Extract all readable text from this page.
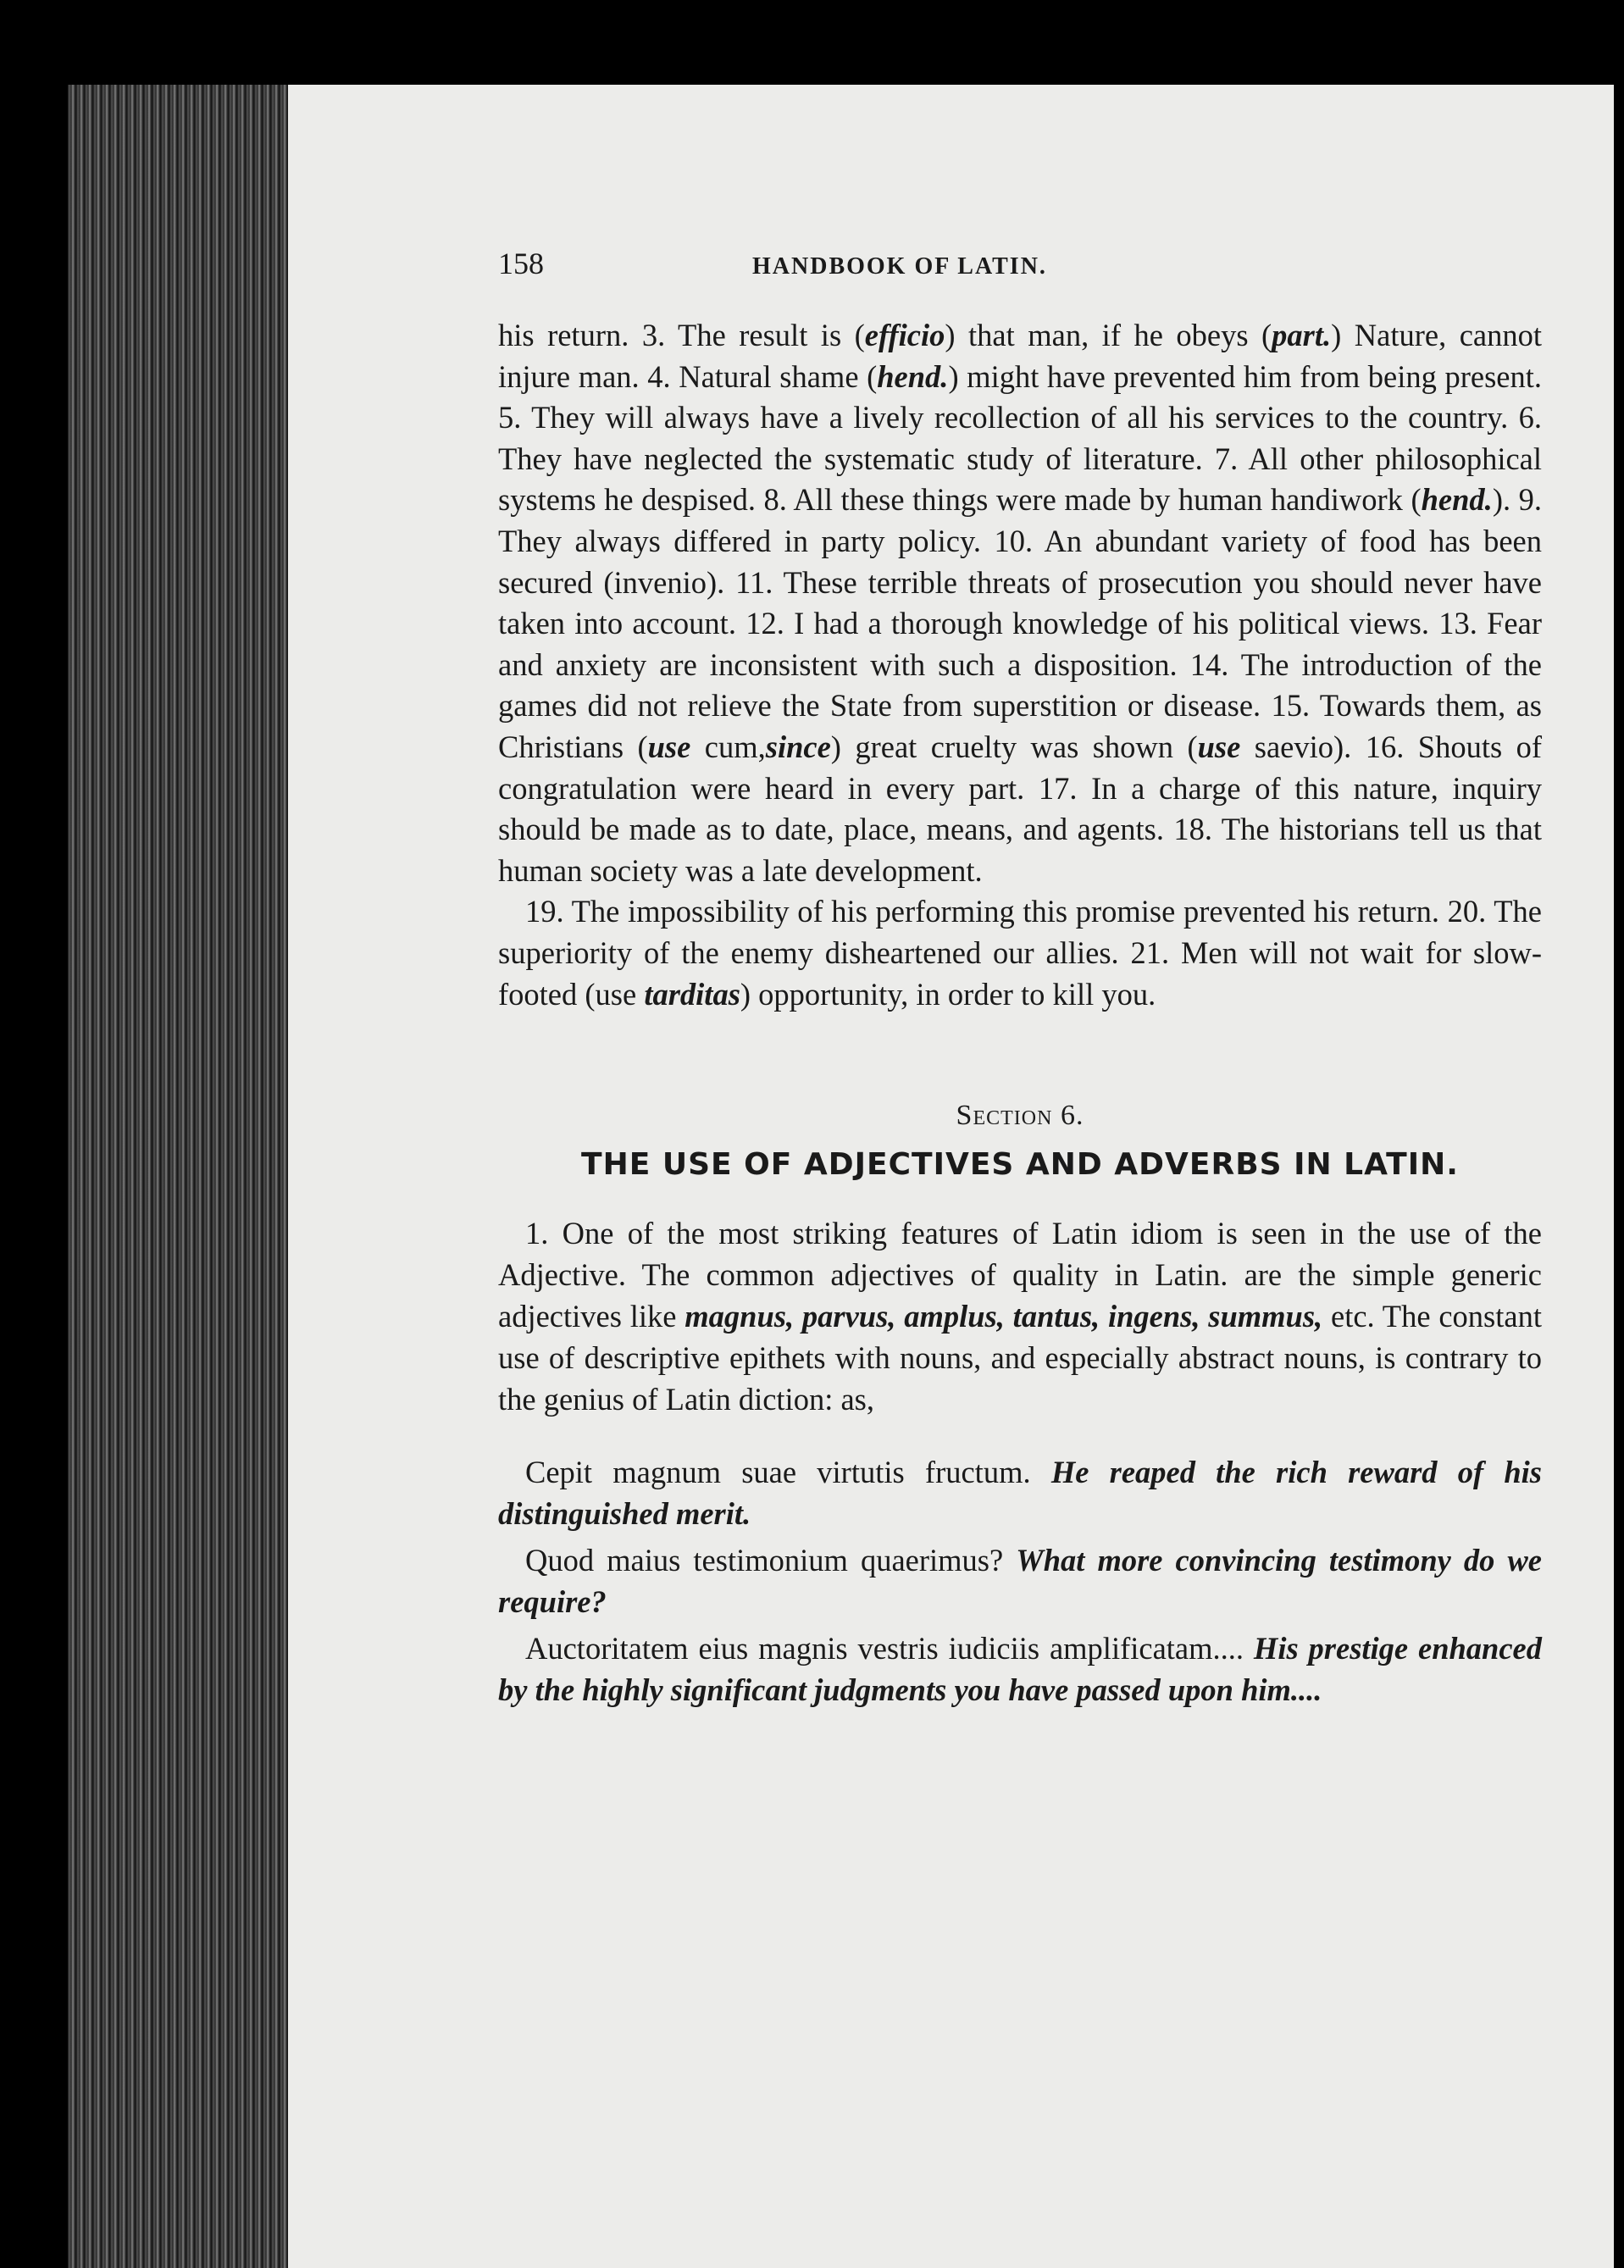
158	HANDBOOK OF LATIN.

his return. 3. The result is (efficio) that man, if he obeys (part.) Nature, cannot injure man. 4. Natural shame (hend.) might have prevented him from being present. 5. They will always have a lively recollection of all his services to the country. 6. They have neglected the systematic study of literature. 7. All other philosophical systems he despised. 8. All these things were made by human handiwork (hend.). 9. They always differed in party policy. 10. An abundant variety of food has been secured (invenio). 11. These terrible threats of prosecution you should never have taken into account. 12. I had a thorough knowledge of his political views. 13. Fear and anxiety are inconsistent with such a disposition. 14. The introduction of the games did not relieve the State from superstition or disease. 15. Towards them, as Christians (use cum,since) great cruelty was shown (use saevio). 16. Shouts of congratulation were heard in every part. 17. In a charge of this nature, inquiry should be made as to date, place, means, and agents. 18. The historians tell us that human society was a late development.

19. The impossibility of his performing this promise prevented his return. 20. The superiority of the enemy disheartened our allies. 21. Men will not wait for slow-footed (use tarditas) opportunity, in order to kill you.

Section 6.
THE USE OF ADJECTIVES AND ADVERBS IN LATIN.

1. One of the most striking features of Latin idiom is seen in the use of the Adjective. The common adjectives of quality in Latin. are the simple generic adjectives like magnus, parvus, amplus, tantus, ingens, summus, etc. The constant use of descriptive epithets with nouns, and especially abstract nouns, is contrary to the genius of Latin diction: as,

Cepit magnum suae virtutis fructum. He reaped the rich reward of his distinguished merit.

Quod maius testimonium quaerimus? What more convincing testimony do we require?

Auctoritatem eius magnis vestris iudiciis amplificatam.... His prestige enhanced by the highly significant judgments you have passed upon him....
